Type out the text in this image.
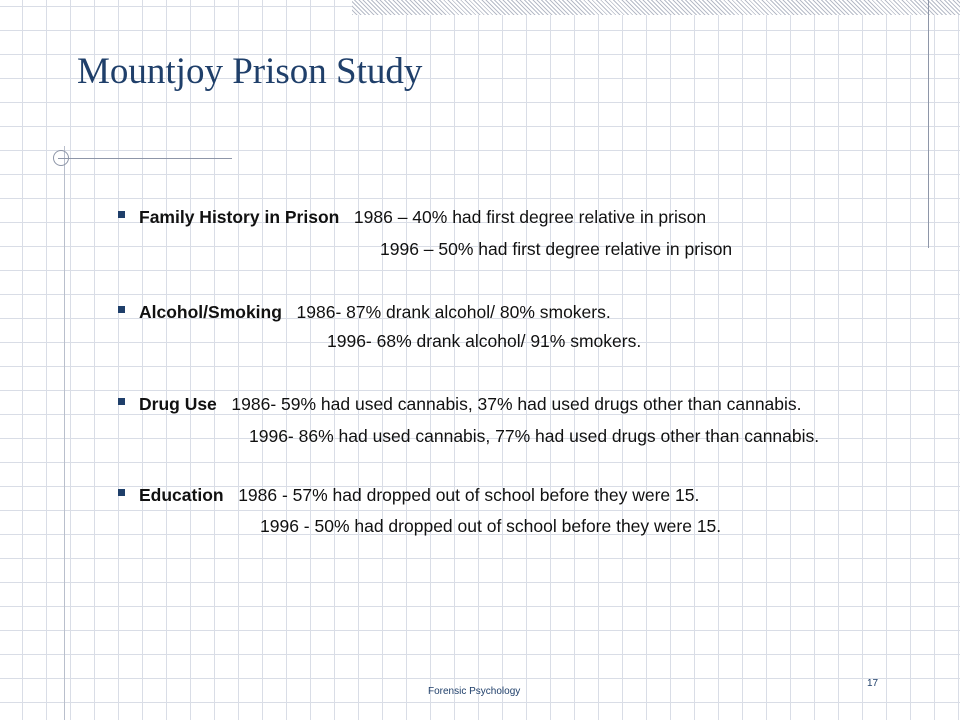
Mountjoy Prison Study

Family History in Prison 1986 – 40% had first degree relative in prison

1996 – 50% had first degree relative in prison

Alcohol/Smoking 1986- 87% drank alcohol/ 80% smokers.

1996- 68% drank alcohol/ 91% smokers.

Drug Use 1986- 59% had used cannabis, 37% had used drugs other than cannabis.

1996- 86% had used cannabis, 77% had used drugs other than cannabis.

Education 1986 - 57% had dropped out of school before they were 15.

1996 - 50% had dropped out of school before they were 15.

Forensic Psychology
17
